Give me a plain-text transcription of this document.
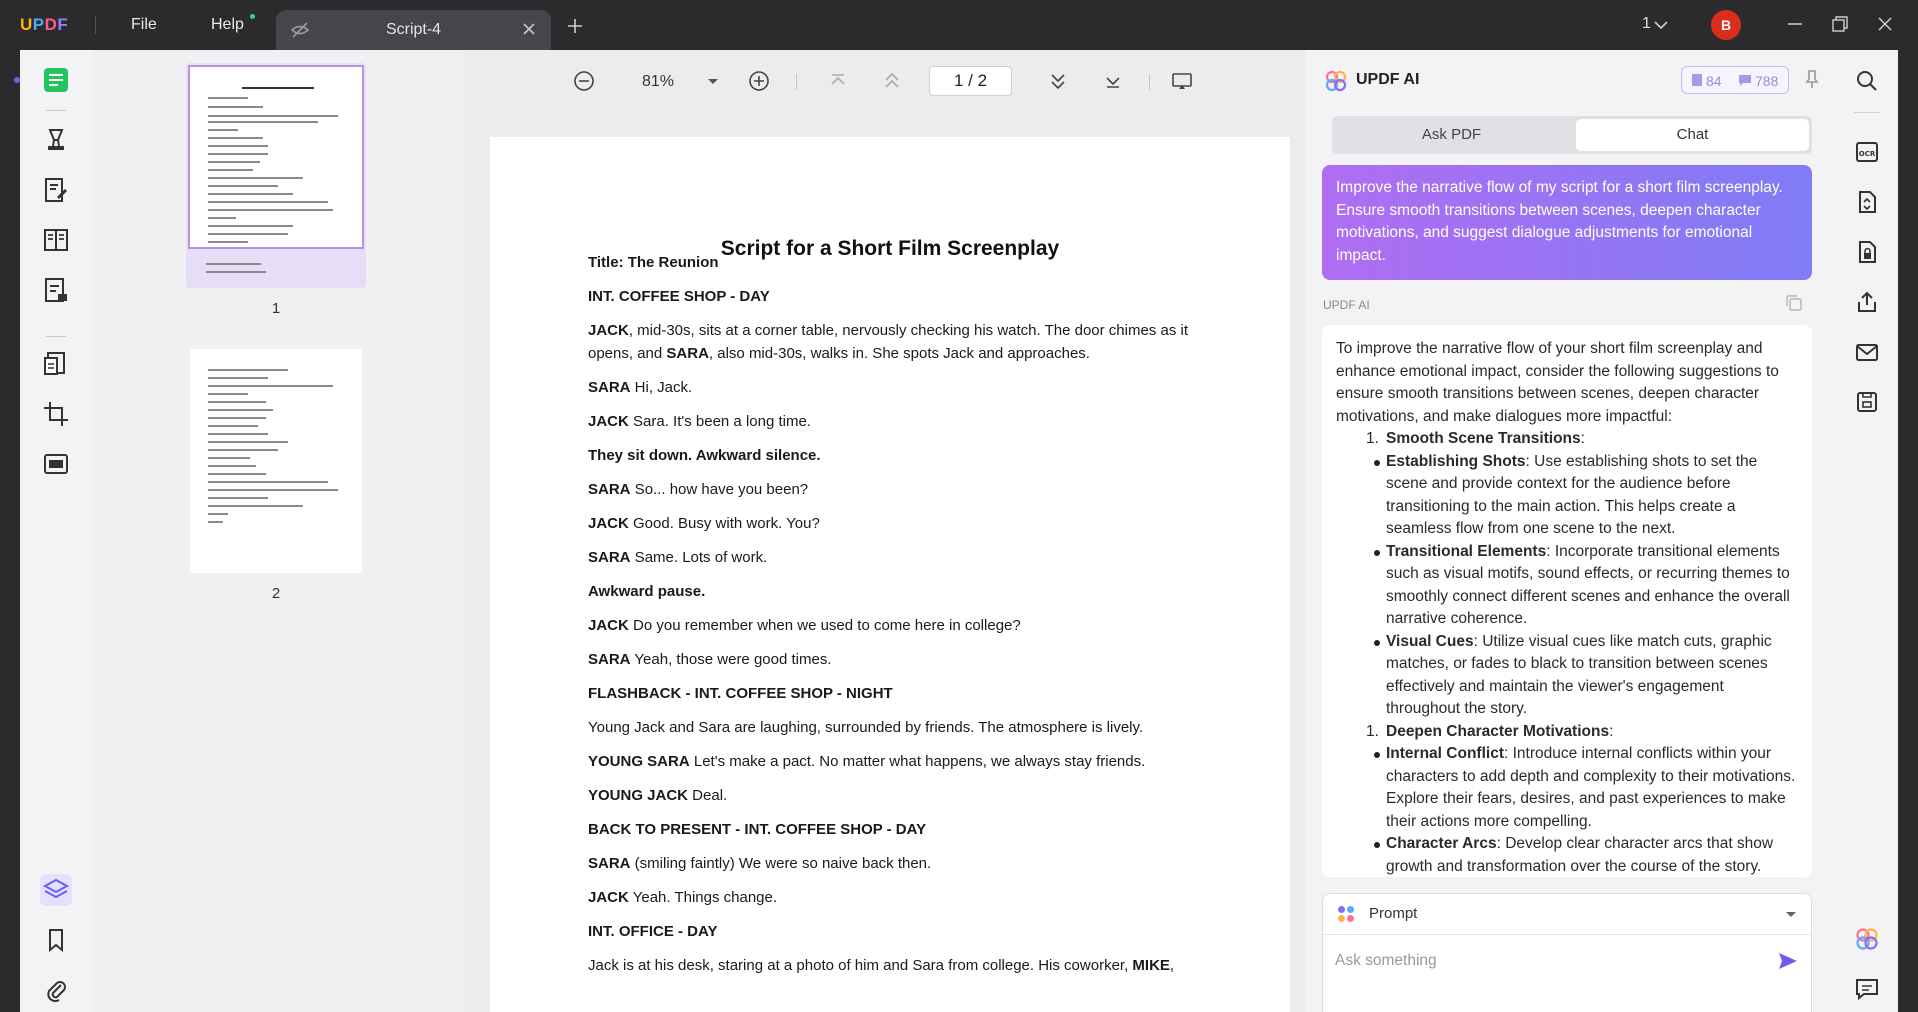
UPDF	File	Help	Script-4	1	B
1
2
81%	1 / 2
Script for a Short Film Screenplay
Title: The Reunion
INT. COFFEE SHOP - DAY
JACK, mid-30s, sits at a corner table, nervously checking his watch. The door chimes as it
opens, and SARA, also mid-30s, walks in. She spots Jack and approaches.
SARA Hi, Jack.
JACK Sara. It's been a long time.
They sit down. Awkward silence.
SARA So... how have you been?
JACK Good. Busy with work. You?
SARA Same. Lots of work.
Awkward pause.
JACK Do you remember when we used to come here in college?
SARA Yeah, those were good times.
FLASHBACK - INT. COFFEE SHOP - NIGHT
Young Jack and Sara are laughing, surrounded by friends. The atmosphere is lively.
YOUNG SARA Let's make a pact. No matter what happens, we always stay friends.
YOUNG JACK Deal.
BACK TO PRESENT - INT. COFFEE SHOP - DAY
SARA (smiling faintly) We were so naive back then.
JACK Yeah. Things change.
INT. OFFICE - DAY
Jack is at his desk, staring at a photo of him and Sara from college. His coworker, MIKE,
UPDF AI	84 788
Ask PDF	Chat
Improve the narrative flow of my script for a short film screenplay. Ensure smooth transitions between scenes, deepen character motivations, and suggest dialogue adjustments for emotional impact.
UPDF AI

To improve the narrative flow of your short film screenplay and enhance emotional impact, consider the following suggestions to ensure smooth transitions between scenes, deepen character motivations, and make dialogues more impactful:

1. Smooth Scene Transitions:
Establishing Shots: Use establishing shots to set the scene and provide context for the audience before transitioning to the main action. This helps create a seamless flow from one scene to the next.
Transitional Elements: Incorporate transitional elements such as visual motifs, sound effects, or recurring themes to smoothly connect different scenes and enhance the overall narrative coherence.
Visual Cues: Utilize visual cues like match cuts, graphic matches, or fades to black to transition between scenes effectively and maintain the viewer's engagement throughout the story.
1. Deepen Character Motivations:
Internal Conflict: Introduce internal conflicts within your characters to add depth and complexity to their motivations. Explore their fears, desires, and past experiences to make their actions more compelling.
Character Arcs: Develop clear character arcs that show growth and transformation over the course of the story.
Prompt
Ask something
OCR
